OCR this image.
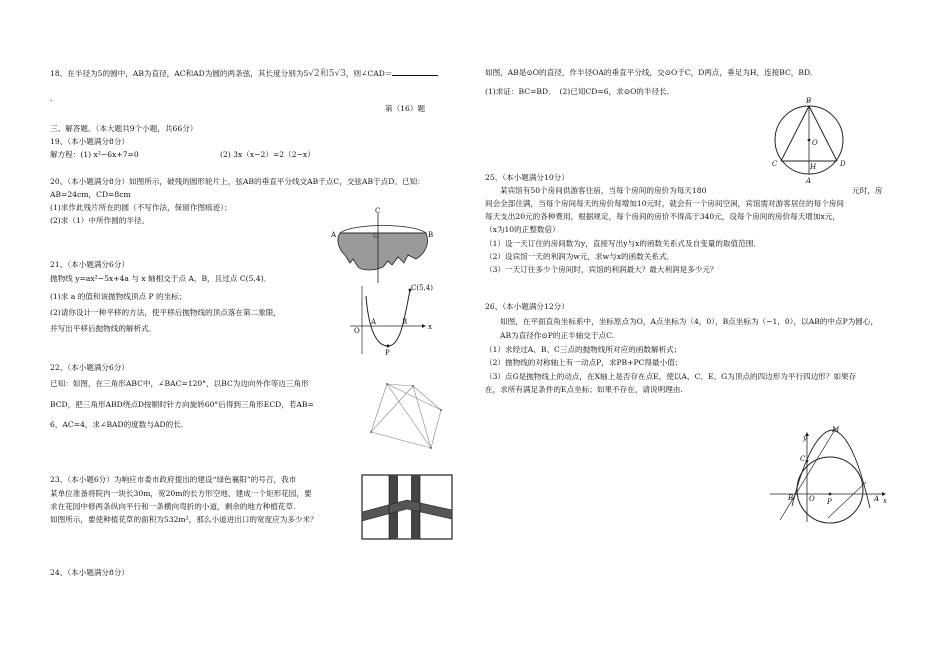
18、在半径为5的圆中，AB为直径，AC和AD为圆的两条弦，其长度分别为5√2和5√3，则∠CAD＝
.
第（16）题
三、解答题。（本大题共9个小题，共66分）
19、（本小题满分8分）
解方程：(1) x²−6x+7=0	(2) 3x（x−2）=2（2−x）
20、（本小题满分8分）如图所示，破残的圆形轮片上，弦AB的垂直平分线交AB于点C，交弦AB于点D。已知：
AB=24cm，CD=8cm
(1)求作此残片所在的圆（不写作法，保留作图痕迹）；
(2)求（1）中所作圆的半径。
A	B
C
21、（本小题满分6分）
抛物线 y=ax²−5x+4a 与 x 轴相交于点 A，B，且过点 C(5,4)．
(1)求 a 的值和该抛物线顶点 P 的坐标；
(2)请你设计一种平移的方法，使平移后抛物线的顶点落在第二象限，
并写出平移后抛物线的解析式．
C(5,4)
O
A	B
x
P
22、（本小题满分6分）
已知：如图，在三角形ABC中，∠BAC=120°，以BC为边向外作等边三角形
BCD，把三角形ABD绕点D按顺时针方向旋转60°后得到三角形ECD，若AB=
6，AC=4，求∠BAD的度数与AD的长.
23、（本小题6分）为响应市委市政府提出的建设“绿色襄阳”的号召，我市
某单位准备将院内一块长30m，宽20m的长方形空地，建成一个矩形花园，要
求在花园中修两条纵向平行和一条横向弯折的小道，剩余的地方种植花草.
如图所示，要使种植花草的面积为532m²，那么小道进出口的宽度应为多少米？
24、（本小题满分8分）
如图，AB是⊙O的直径，作半径OA的垂直平分线，交⊙O于C，D两点，垂足为H，连接BC，BD.
(1)求证：BC=BD．　(2)已知CD=6，求⊙O的半径长.
B
O
C	H	D
A
25、（本小题满分10分）
某宾馆有50个房间供游客住宿，当每个房间的房价为每天180	元时，房
间会全部住满，当每个房间每天的房价每增加10元时，就会有一个房间空闲，宾馆需对游客居住的每个房间
每天支出20元的各种费用，根据规定，每个房间的房价不得高于340元，设每个房间的房价每天增加x元，
（x为10的正整数倍）
（1）设一天订住的房间数为y，直接写出y与x的函数关系式及自变量的取值范围．
（2）设宾馆一天的利润为w元，求w与x的函数关系式．
（3）一天订住多少个房间时，宾馆的利润最大？最大利润是多少元？
26、（本小题满分12分）
如图，在平面直角坐标系中，坐标原点为O，A点坐标为（4，0），B点坐标为（−1，0），以AB的中点P为圆心，
AB为直径作⊙P的正半轴交于点C.
（1）求经过A、B、C三点的抛物线所对应的函数解析式；
（2）抛物线的对称轴上有一动点P，求PB+PC得最小值；
（3）点G是抛物线上的动点，在X轴上是否存在点E，使以A、C、E、G为顶点的四边形为平行四边形？如果存
在，求所有满足条件的E点坐标；如果不存在，请说明理由.
y
M
C
B O P	A x
